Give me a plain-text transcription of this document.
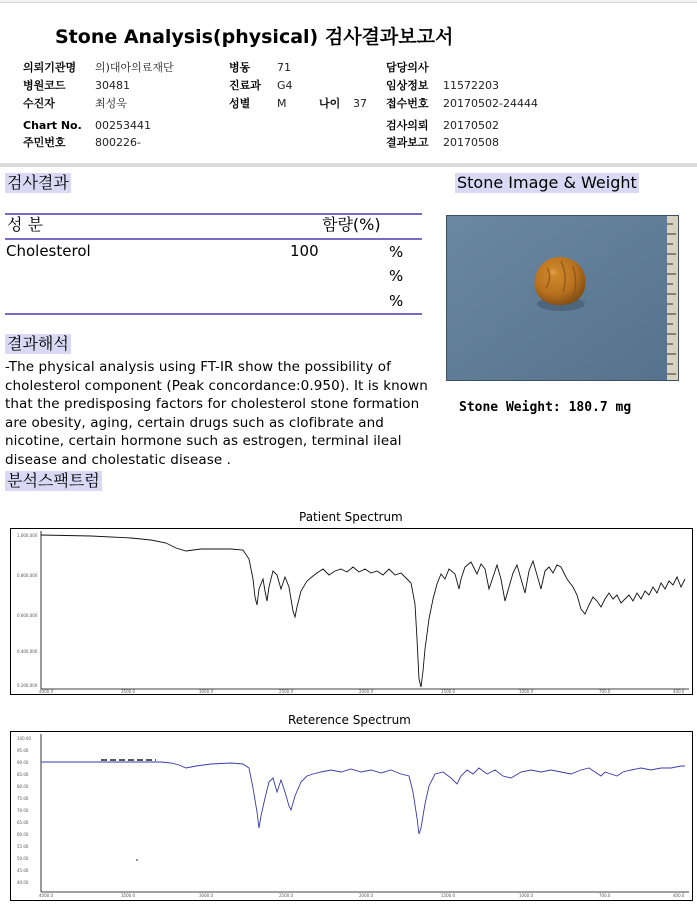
Stone Analysis(physical) 검사결과보고서
의뢰기관명 의)대아의료재단
병원코드	30481
수진자	최성욱
Chart No. 00253441
주민번호	800226-
병동 71
진료과 G4
성별 M	나이 37
담당의사
임상정보 11572203
접수번호 20170502-24444
검사의뢰 20170502
결과보고 20170508
검사결과
성 분	함량(%)
Cholesterol	100	%
%
%
결과해석
-The physical analysis using FT-IR show the possibility of cholesterol component (Peak concordance:0.950). It is known that the predisposing factors for cholesterol stone formation are obesity, aging, certain drugs such as clofibrate and nicotine, certain hormone such as estrogen, terminal ileal disease and cholestatic disease .
Stone Image & Weight
Stone Weight: 180.7 mg
분석스팩트럼
Patient Spectrum
1,000,000
0.800,000
0.600,000
0.400,000
0.200,000
4000.0	3500.0	3000.0	2500.0	2000.0	1500.0	1000.0	700.0	400.0
Reterence Spectrum
100.00
95.00
90.00
85.00
80.00
75.00
70.00
65.00
60.00
55.00
50.00
45.00
40.00
4000.0	3500.0	3000.0	2500.0	2000.0	1500.0	1000.0	700.0	400.0
